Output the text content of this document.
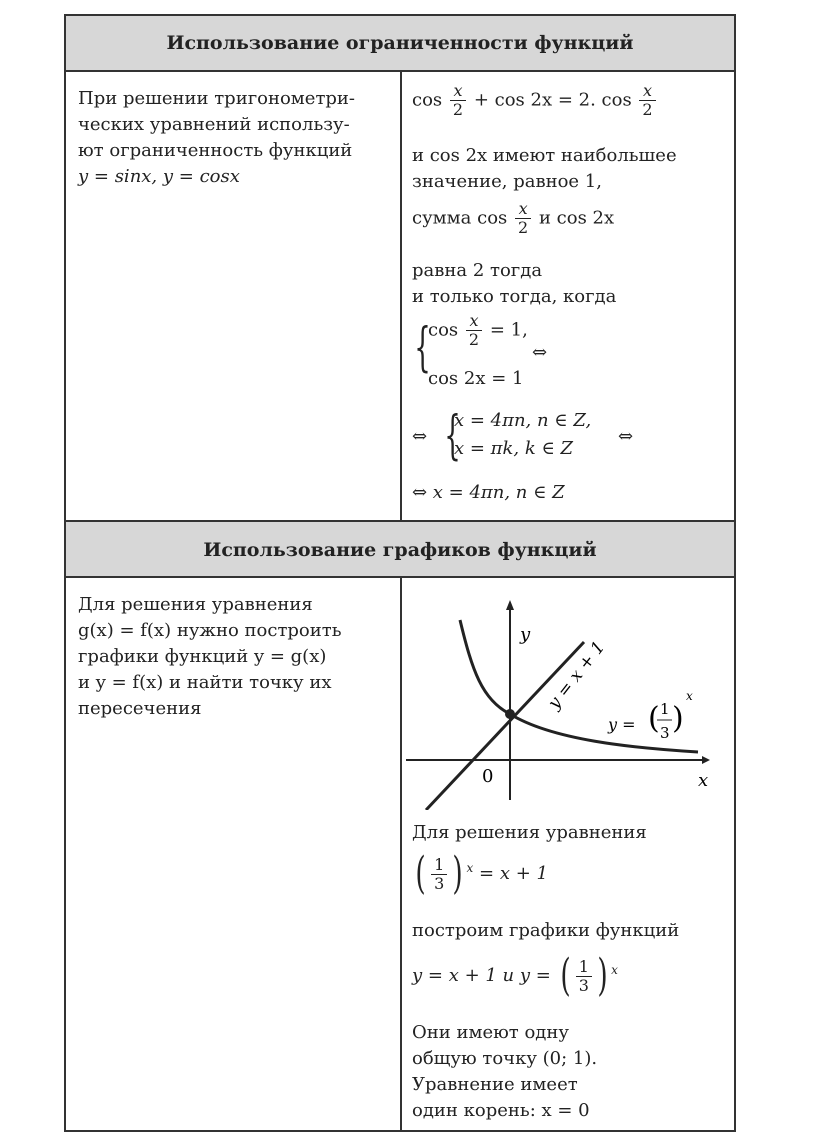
Использование ограниченности функций
Использование графиков функций
При решении тригонометри-
ческих уравнений использу-
ют ограниченность функций
y = sinx, y = cosx
$\cos \frac{x}{2} + \cos 2x = 2$. $\cos \frac{x}{2}$
и cos 2x имеют наибольшее
значение, равное 1,
сумма $\cos \frac{x}{2}$ и cos 2x
равна 2 тогда
и только тогда, когда
{
$\cos \frac{x}{2} = 1$,
cos 2x = 1
⇔
⇔ {
x = 4πn, n ∈ Z,
x = πk, k ∈ Z
⇔
⇔ x = 4πn, n ∈ Z
Для решения уравнения
g(x) = f(x) нужно построить
графики функций y = g(x)
и y = f(x) и найти точку их
пересечения
y
x
0
y = x + 1
y = ( 1
3 )
x
Для решения уравнения
( $\frac{1}{3}$ ) $^x$ = x + 1
построим графики функций
y = x + 1 и y = ( $\frac{1}{3}$ ) $^x$
Они имеют одну
общую точку (0; 1).
Уравнение имеет
один корень: x = 0
